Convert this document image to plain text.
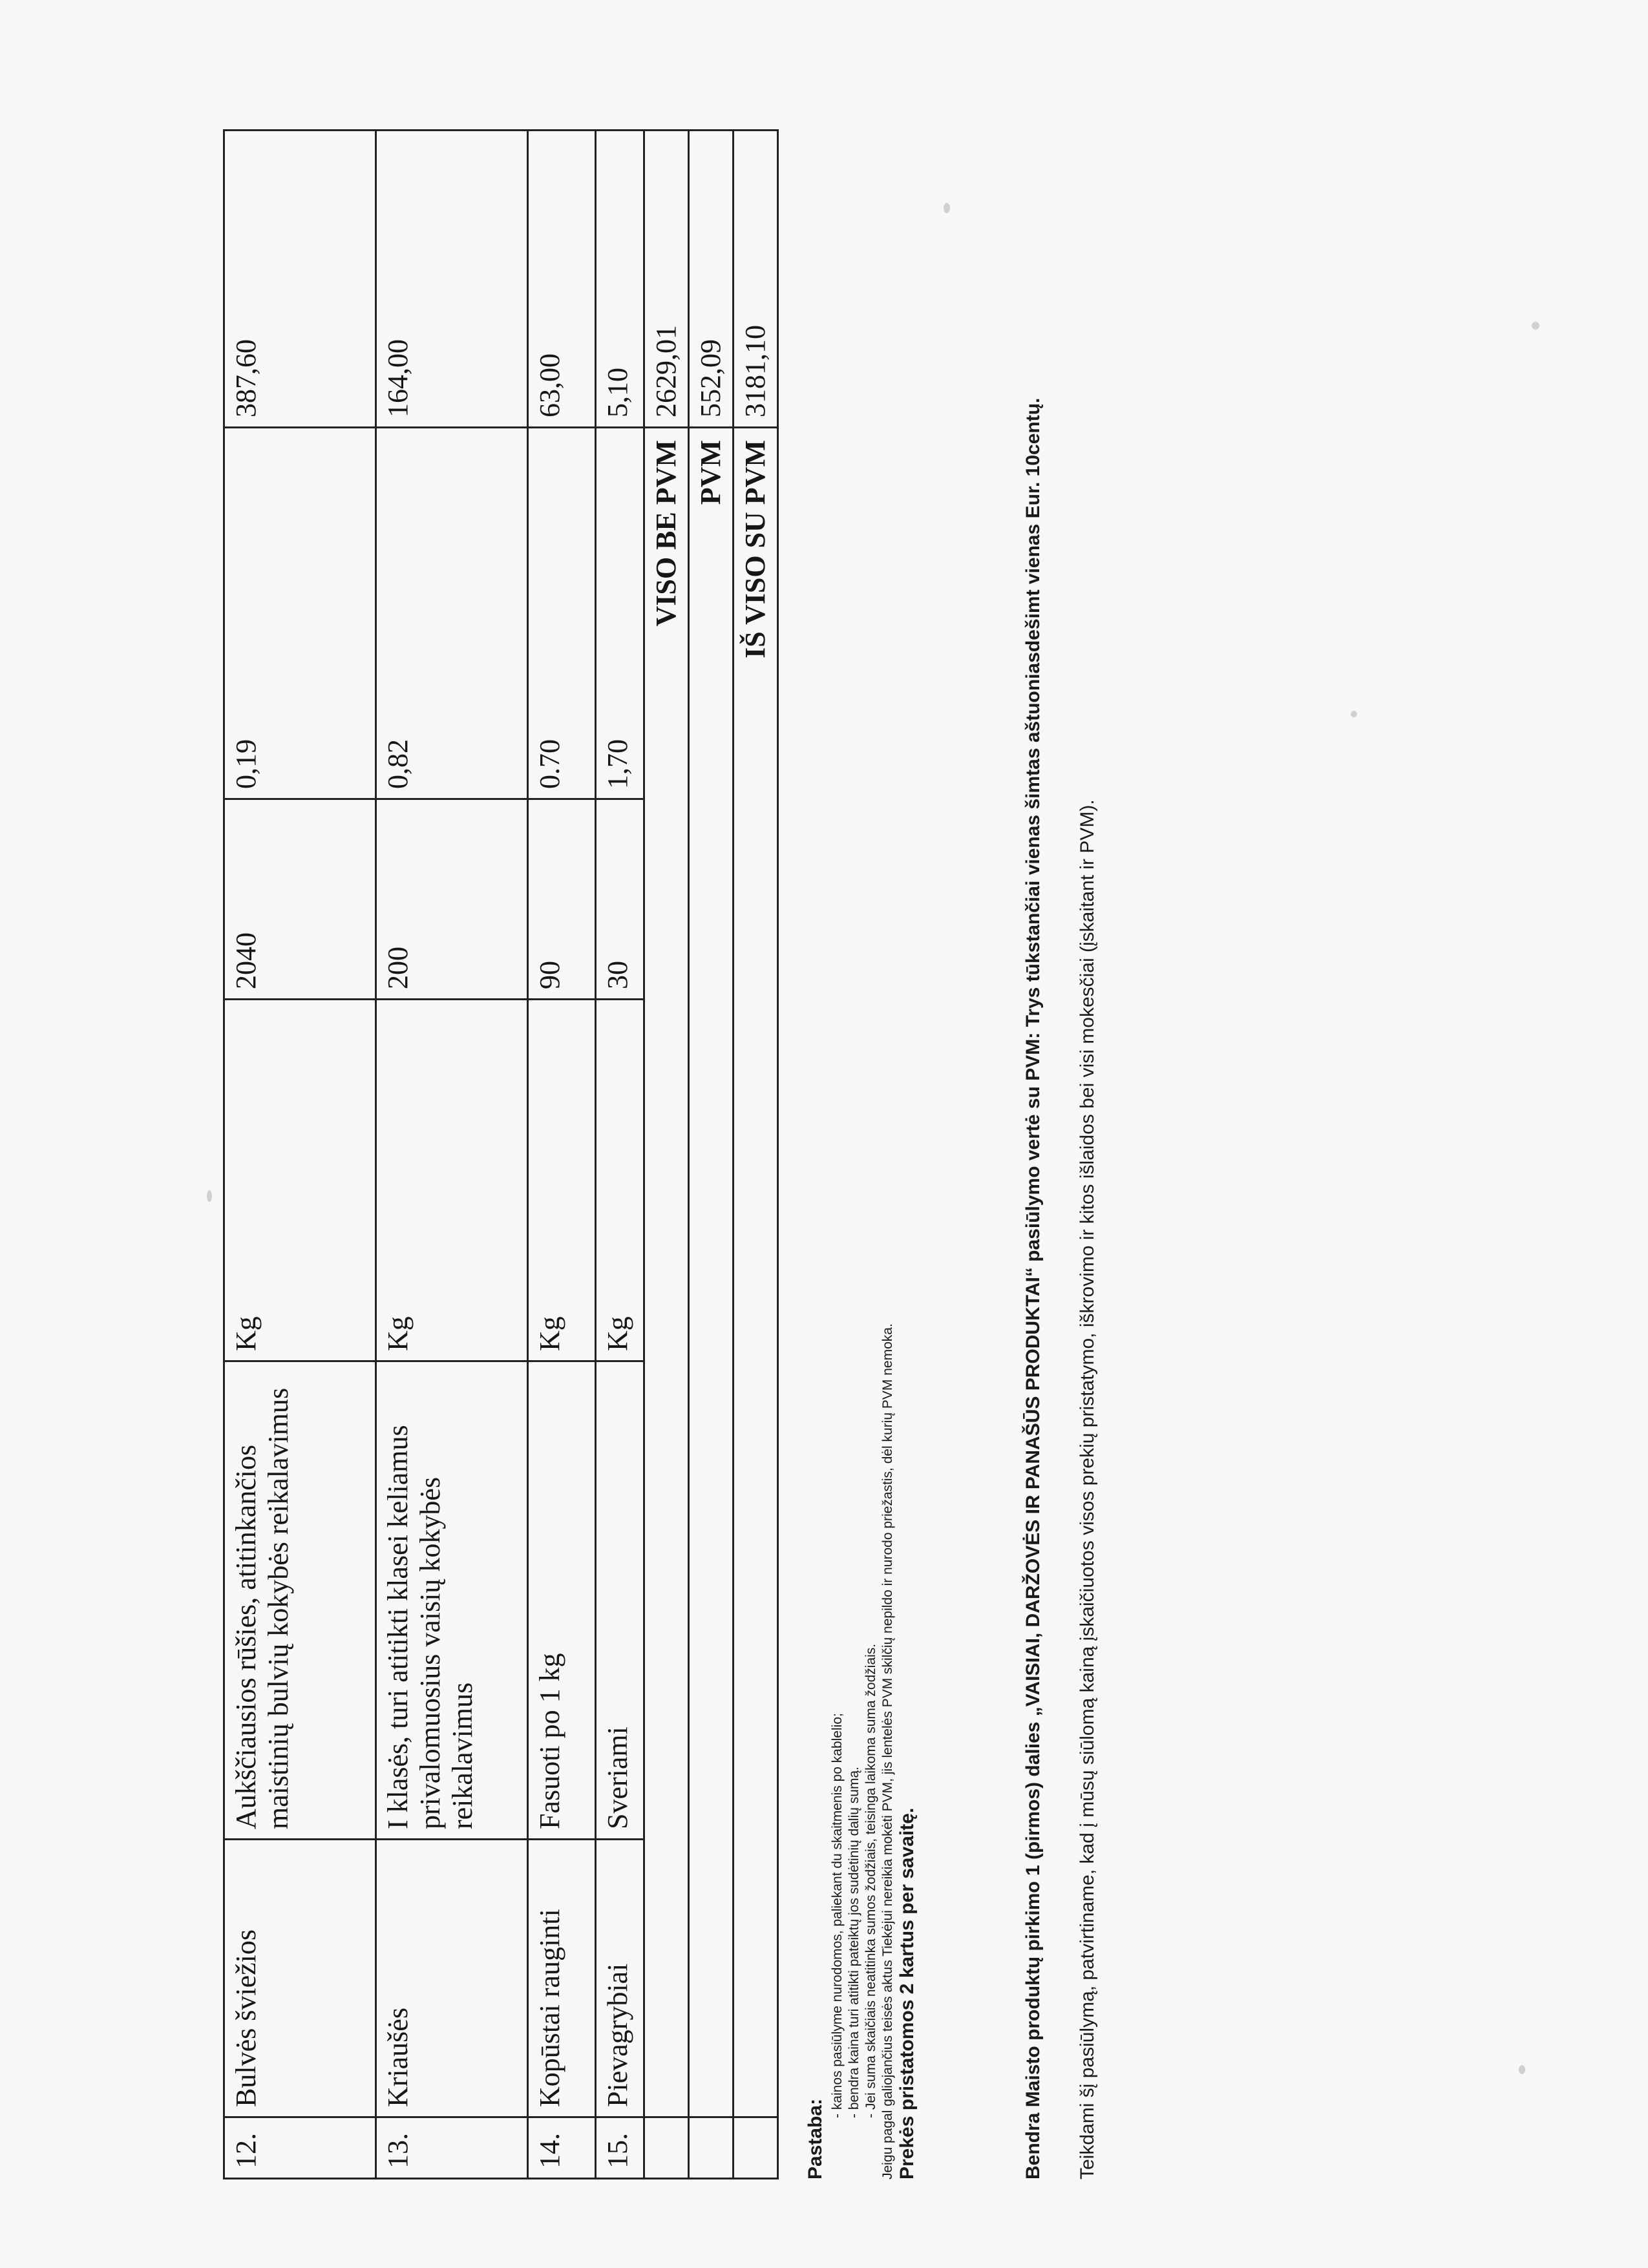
12.	Bulvės šviežios	Aukščiausios rūšies, atitinkančios maistinių bulvių kokybės reikalavimus	Kg	2040	0,19	387,60
13.	Kriaušės	I klasės, turi atitikti klasei keliamus privalomuosius vaisių kokybės reikalavimus	Kg	200	0,82	164,00
14.	Kopūstai rauginti	Fasuoti po 1 kg	Kg	90	0.70	63,00
15.	Pievagrybiai	Sveriami	Kg	30	1,70	5,10
	VISO BE PVM					2629,01
	PVM					552,09
	IŠ VISO SU PVM					3181,10
Pastaba:
- kainos pasiūlyme nurodomos, paliekant du skaitmenis po kablelio; - bendra kaina turi atitikti pateiktų jos sudėtinių dalių sumą. - Jei suma skaičiais neatitinka sumos žodžiais, teisinga laikoma suma žodžiais. Jeigu pagal galiojančius teisės aktus Tiekėjui nereikia mokėti PVM, jis lentelės PVM skilčių nepildo ir nurodo priežastis, dėl kurių PVM nemoka. Prekės pristatomos 2 kartus per savaitę.	Bendra Maisto produktų pirkimo 1 (pirmos) dalies „VAISIAI, DARŽOVĖS IR PANAŠŪS PRODUKTAI“ pasiūlymo vertė su PVM: Trys tūkstančiai vienas šimtas aštuoniasdešimt vienas Eur. 10centų. Teikdami šį pasiūlymą, patvirtiname, kad į mūsų siūlomą kainą įskaičiuotos visos prekių pristatymo, iškrovimo ir kitos išlaidos bei visi mokesčiai (įskaitant ir PVM).
